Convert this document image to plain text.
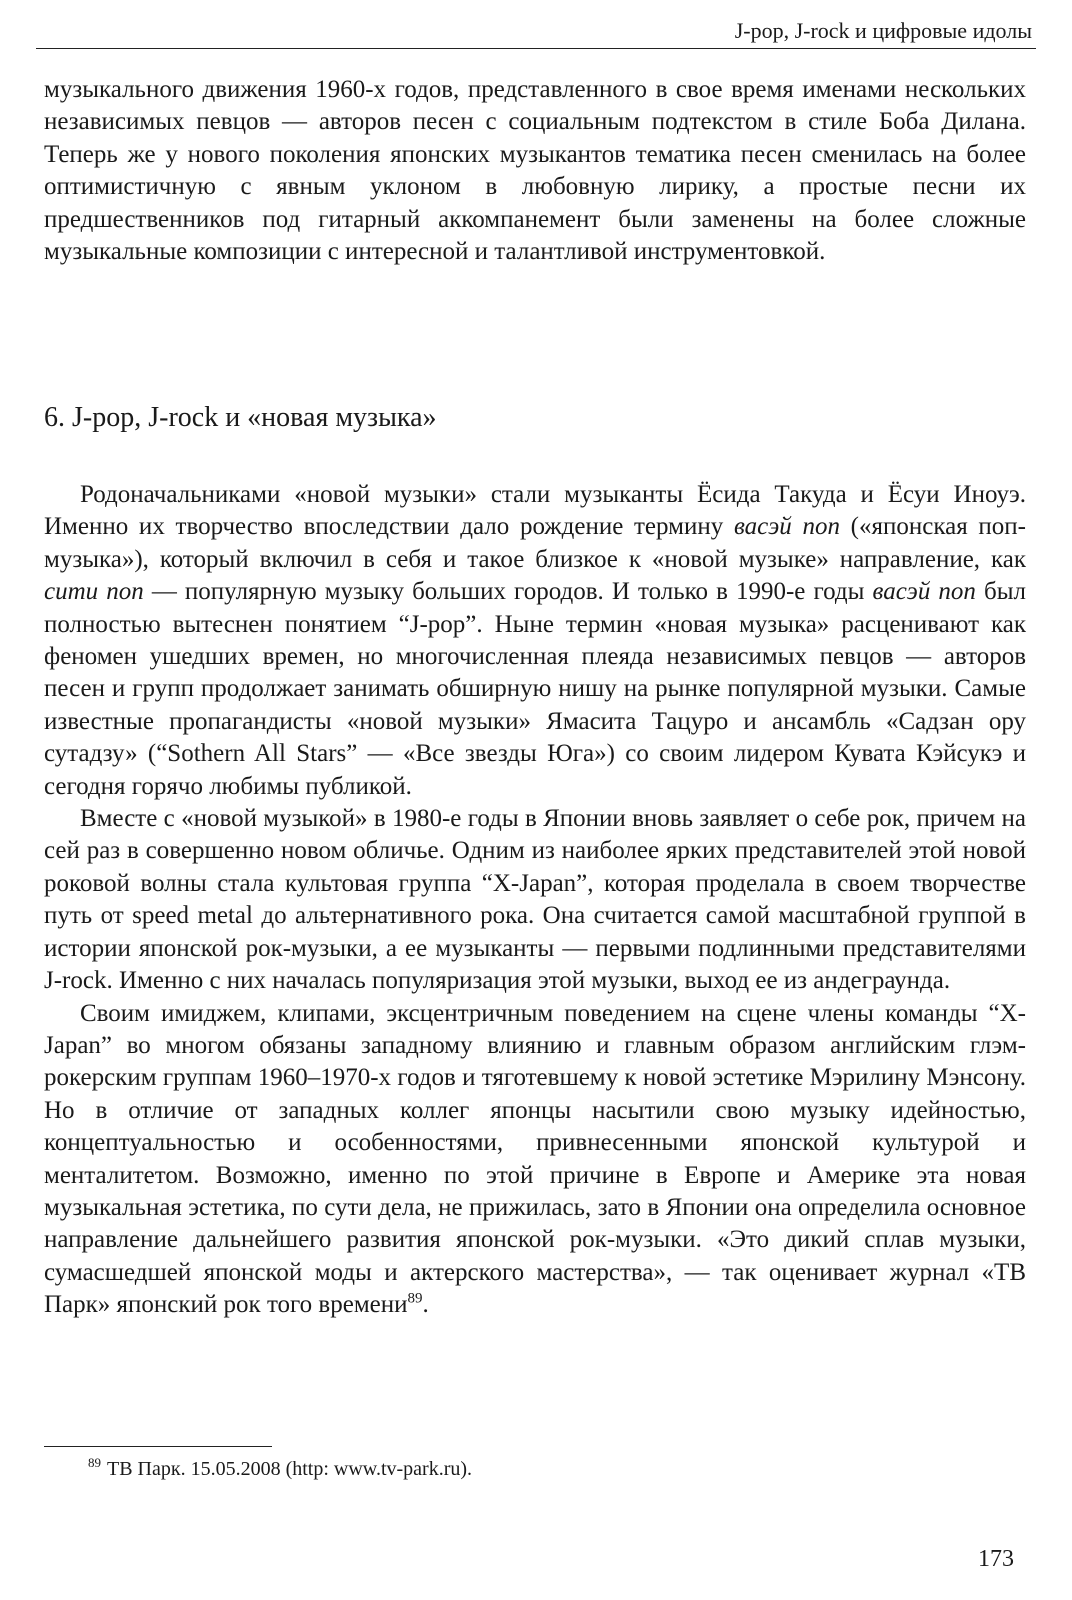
J-pop, J-rock и цифровые идолы

музыкального движения 1960-х годов, представленного в свое время именами нескольких независимых певцов — авторов песен с социальным подтекстом в стиле Боба Дилана. Теперь же у нового поколения японских музыкантов тематика песен сменилась на более оптимистичную с явным уклоном в любовную лирику, а простые песни их предшественников под гитарный аккомпанемент были заменены на более сложные музыкальные композиции с интересной и талантливой инструментовкой.

6. J-pop, J-rock и «новая музыка»

Родоначальниками «новой музыки» стали музыканты Ёсида Такуда и Ёсуи Иноуэ. Именно их творчество впоследствии дало рождение термину васэй поп («японская поп-музыка»), который включил в себя и такое близкое к «новой музыке» направление, как сити поп — популярную музыку больших городов. И только в 1990-е годы васэй поп был полностью вытеснен понятием “J-pop”. Ныне термин «новая музыка» расценивают как феномен ушедших времен, но многочисленная плеяда независимых певцов — авторов песен и групп продолжает занимать обширную нишу на рынке популярной музыки. Самые известные пропагандисты «новой музыки» Ямасита Тацуро и ансамбль «Садзан ору сутадзу» (“Sothern All Stars” — «Все звезды Юга») со своим лидером Кувата Кэйсукэ и сегодня горячо любимы публикой.

Вместе с «новой музыкой» в 1980-е годы в Японии вновь заявляет о себе рок, причем на сей раз в совершенно новом обличье. Одним из наиболее ярких представителей этой новой роковой волны стала культовая группа “X-Japan”, которая проделала в своем творчестве путь от speed metal до альтернативного рока. Она считается самой масштабной группой в истории японской рок-музыки, а ее музыканты — первыми подлинными представителями J-rock. Именно с них началась популяризация этой музыки, выход ее из андеграунда.

Своим имиджем, клипами, эксцентричным поведением на сцене члены команды “X-Japan” во многом обязаны западному влиянию и главным образом английским глэм-рокерским группам 1960–1970-х годов и тяготевшему к новой эстетике Мэрилину Мэнсону. Но в отличие от западных коллег японцы насытили свою музыку идейностью, концептуальностью и особенностями, привнесенными японской культурой и менталитетом. Возможно, именно по этой причине в Европе и Америке эта новая музыкальная эстетика, по сути дела, не прижилась, зато в Японии она определила основное направление дальнейшего развития японской рок-музыки. «Это дикий сплав музыки, сумасшедшей японской моды и актерского мастерства», — так оценивает журнал «ТВ Парк» японский рок того времени$^{89}$.

$^{89}$ ТВ Парк. 15.05.2008 (http: www.tv-park.ru).
173
